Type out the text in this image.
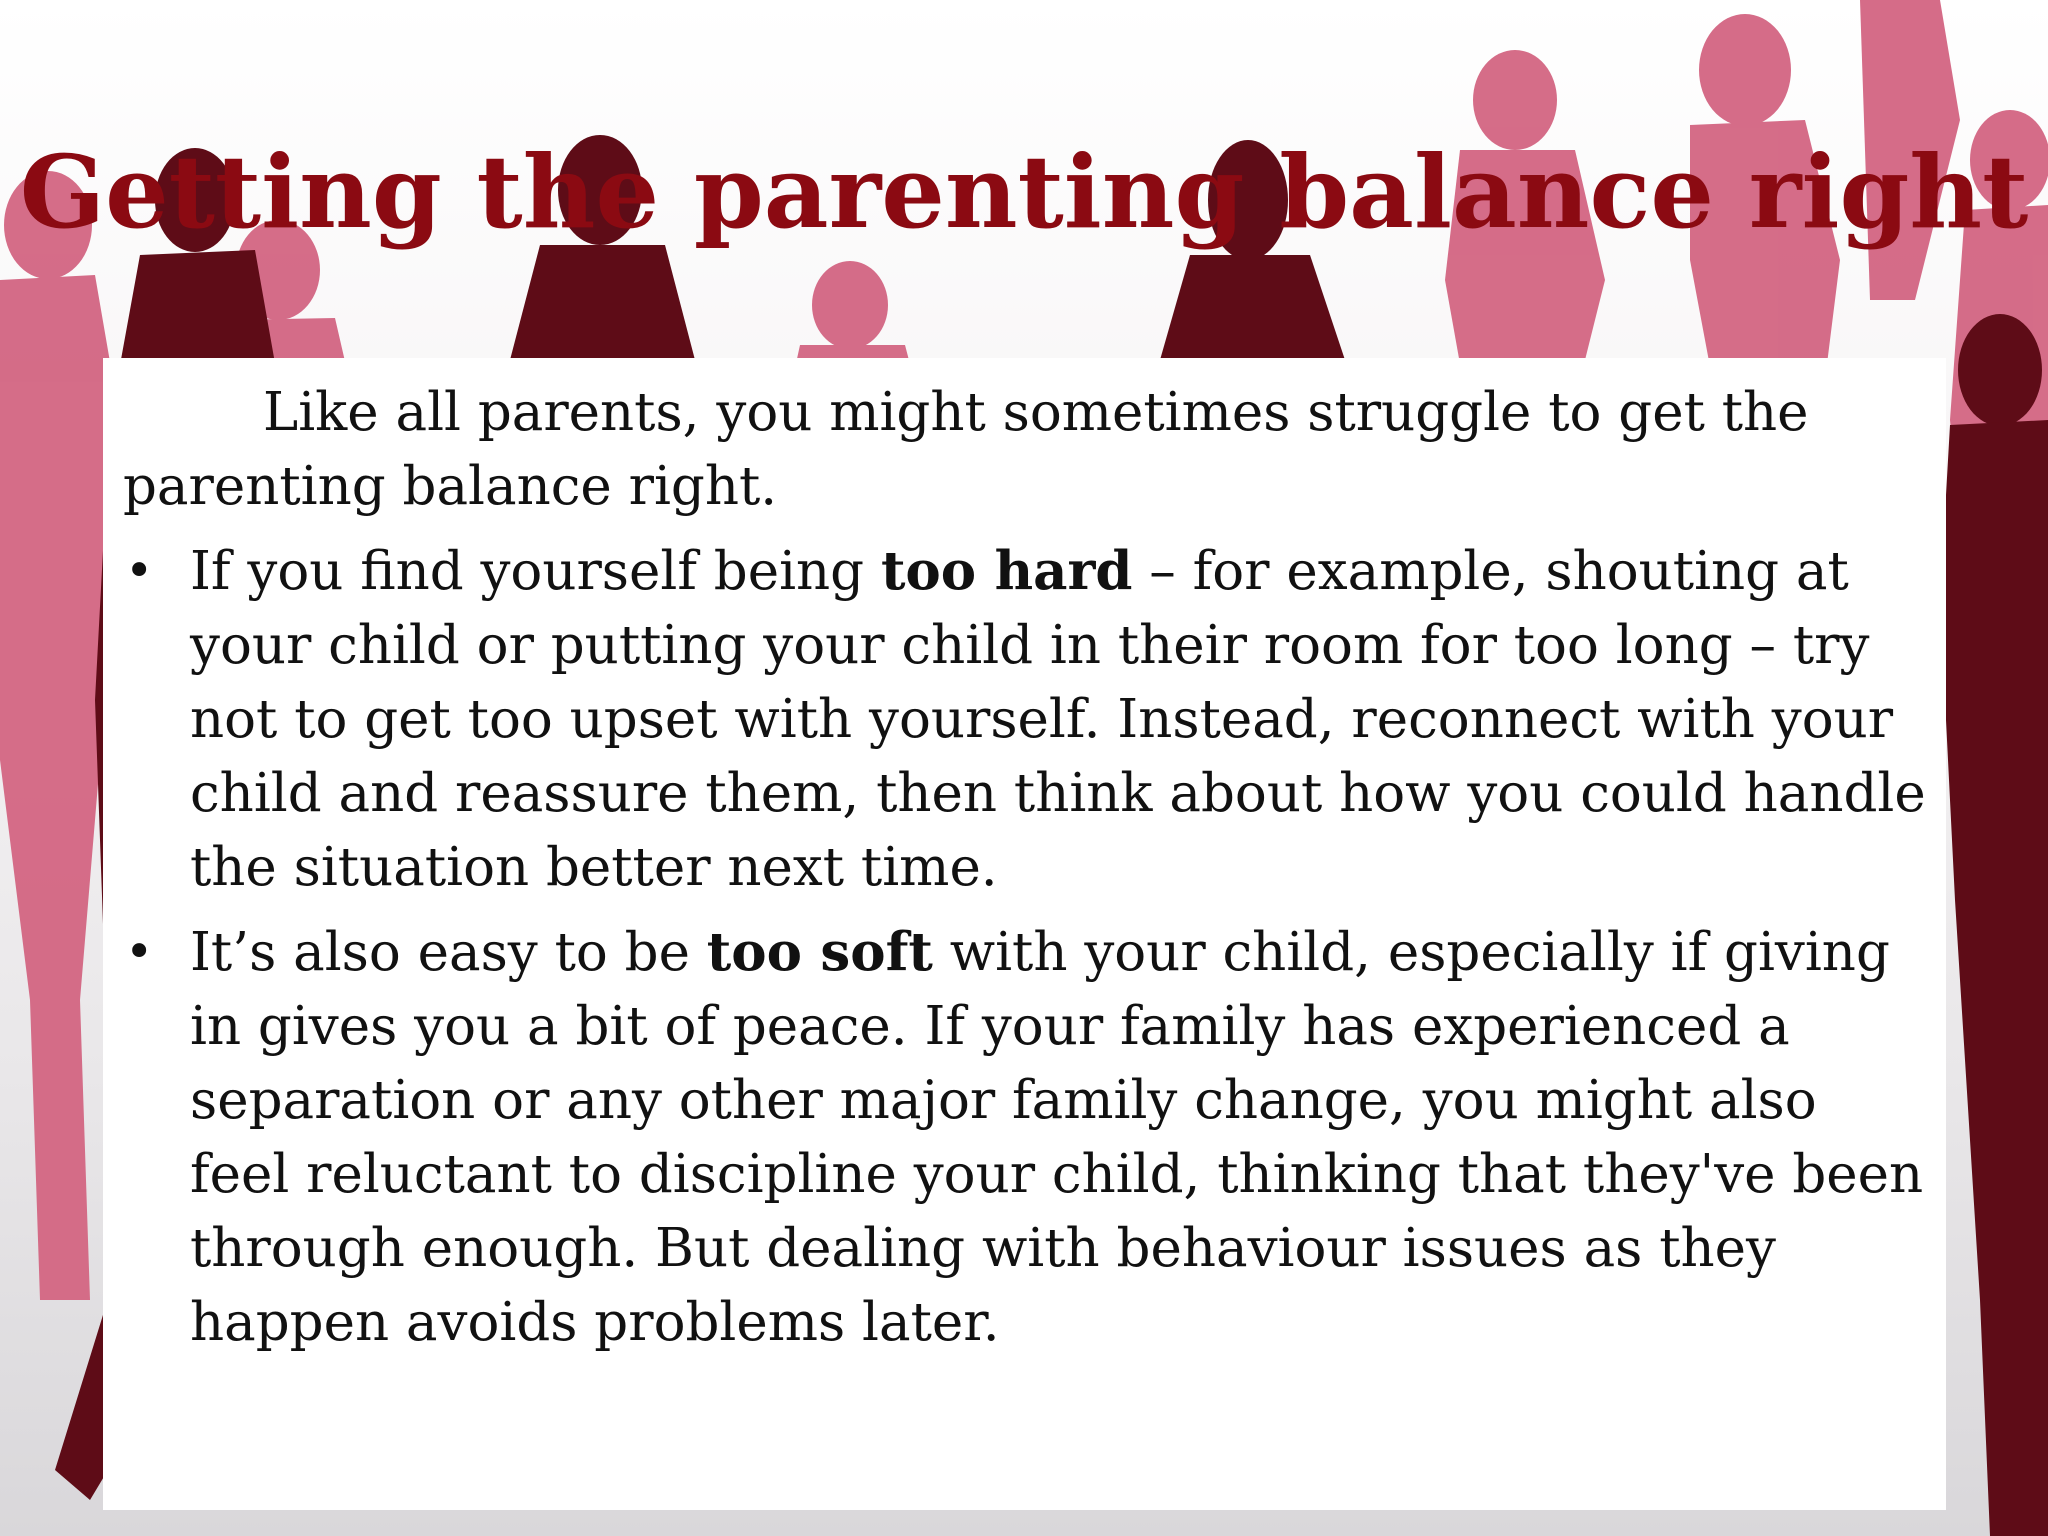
Getting the parenting balance right

Like all parents, you might sometimes struggle to get the parenting balance right.

• If you find yourself being too hard – for example, shouting at your child or putting your child in their room for too long – try not to get too upset with yourself. Instead, reconnect with your child and reassure them, then think about how you could handle the situation better next time.
• It’s also easy to be too soft with your child, especially if giving in gives you a bit of peace. If your family has experienced a separation or any other major family change, you might also feel reluctant to discipline your child, thinking that they've been through enough. But dealing with behaviour issues as they happen avoids problems later.
